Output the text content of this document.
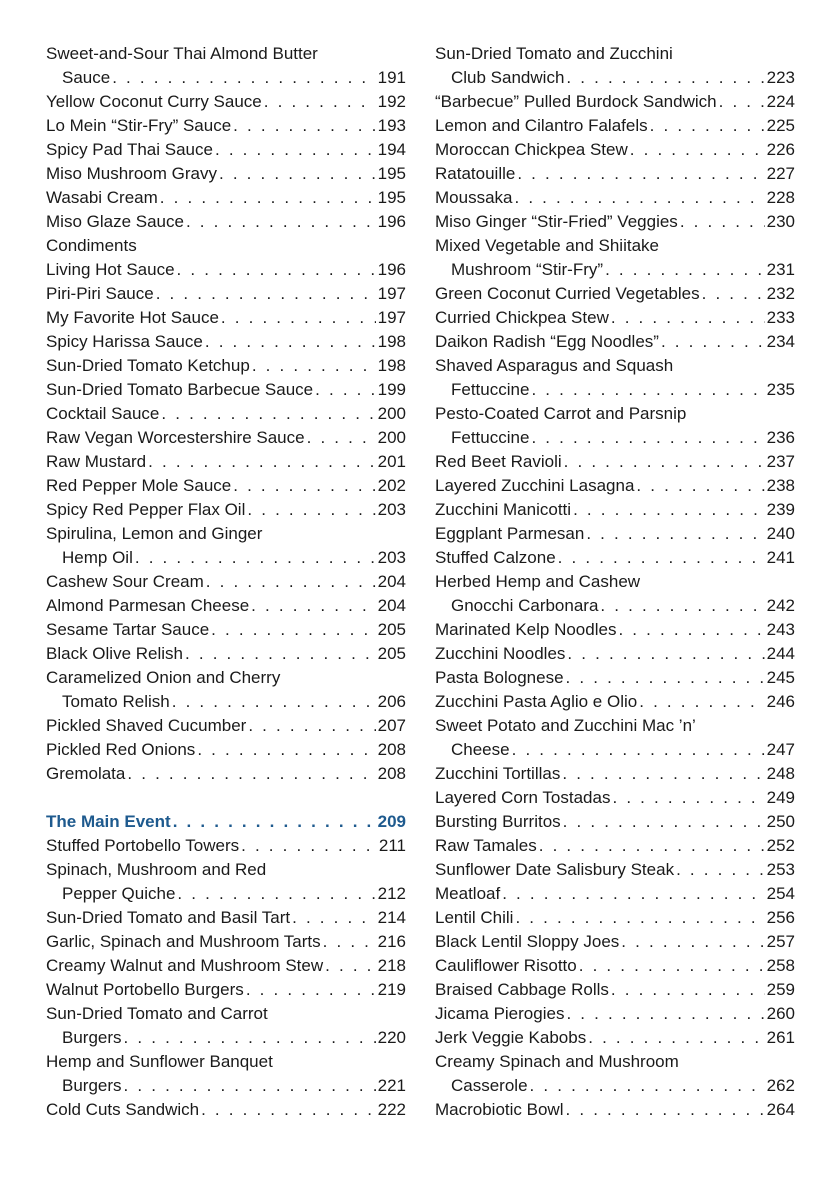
Sweet-and-Sour Thai Almond Butter
Sauce . . .	191
Yellow Coconut Curry Sauce . . .	192
Lo Mein “Stir-Fry” Sauce . . .	193
Spicy Pad Thai Sauce . . .	194
Miso Mushroom Gravy . . .	195
Wasabi Cream . . .	195
Miso Glaze Sauce . . .	196
Condiments
Living Hot Sauce . . .	196
Piri-Piri Sauce . . .	197
My Favorite Hot Sauce . . .	197
Spicy Harissa Sauce . . .	198
Sun-Dried Tomato Ketchup . . .	198
Sun-Dried Tomato Barbecue Sauce . . .	199
Cocktail Sauce . . .	200
Raw Vegan Worcestershire Sauce . . .	200
Raw Mustard . . .	201
Red Pepper Mole Sauce . . .	202
Spicy Red Pepper Flax Oil . . .	203
Spirulina, Lemon and Ginger
Hemp Oil . . .	203
Cashew Sour Cream . . .	204
Almond Parmesan Cheese . . .	204
Sesame Tartar Sauce . . .	205
Black Olive Relish . . .	205
Caramelized Onion and Cherry
Tomato Relish . . .	206
Pickled Shaved Cucumber . . .	207
Pickled Red Onions . . .	208
Gremolata . . .	208
The Main Event . . .	209
Stuffed Portobello Towers . . .	211
Spinach, Mushroom and Red
Pepper Quiche . . .	212
Sun-Dried Tomato and Basil Tart . . .	214
Garlic, Spinach and Mushroom Tarts . . .	216
Creamy Walnut and Mushroom Stew . . .	218
Walnut Portobello Burgers . . .	219
Sun-Dried Tomato and Carrot
Burgers . . .	220
Hemp and Sunflower Banquet
Burgers . . .	221
Cold Cuts Sandwich . . .	222
Sun-Dried Tomato and Zucchini
Club Sandwich . . .	223
“Barbecue” Pulled Burdock Sandwich . . .	224
Lemon and Cilantro Falafels . . .	225
Moroccan Chickpea Stew . . .	226
Ratatouille . . .	227
Moussaka . . .	228
Miso Ginger “Stir-Fried” Veggies . . .	230
Mixed Vegetable and Shiitake
Mushroom “Stir-Fry” . . .	231
Green Coconut Curried Vegetables . . .	232
Curried Chickpea Stew . . .	233
Daikon Radish “Egg Noodles” . . .	234
Shaved Asparagus and Squash
Fettuccine . . .	235
Pesto-Coated Carrot and Parsnip
Fettuccine . . .	236
Red Beet Ravioli . . .	237
Layered Zucchini Lasagna . . .	238
Zucchini Manicotti . . .	239
Eggplant Parmesan . . .	240
Stuffed Calzone . . .	241
Herbed Hemp and Cashew
Gnocchi Carbonara . . .	242
Marinated Kelp Noodles . . .	243
Zucchini Noodles . . .	244
Pasta Bolognese . . .	245
Zucchini Pasta Aglio e Olio . . .	246
Sweet Potato and Zucchini Mac ’n’
Cheese . . .	247
Zucchini Tortillas . . .	248
Layered Corn Tostadas . . .	249
Bursting Burritos . . .	250
Raw Tamales . . .	252
Sunflower Date Salisbury Steak . . .	253
Meatloaf . . .	254
Lentil Chili . . .	256
Black Lentil Sloppy Joes . . .	257
Cauliflower Risotto . . .	258
Braised Cabbage Rolls . . .	259
Jicama Pierogies . . .	260
Jerk Veggie Kabobs . . .	261
Creamy Spinach and Mushroom
Casserole . . .	262
Macrobiotic Bowl . . .	264
